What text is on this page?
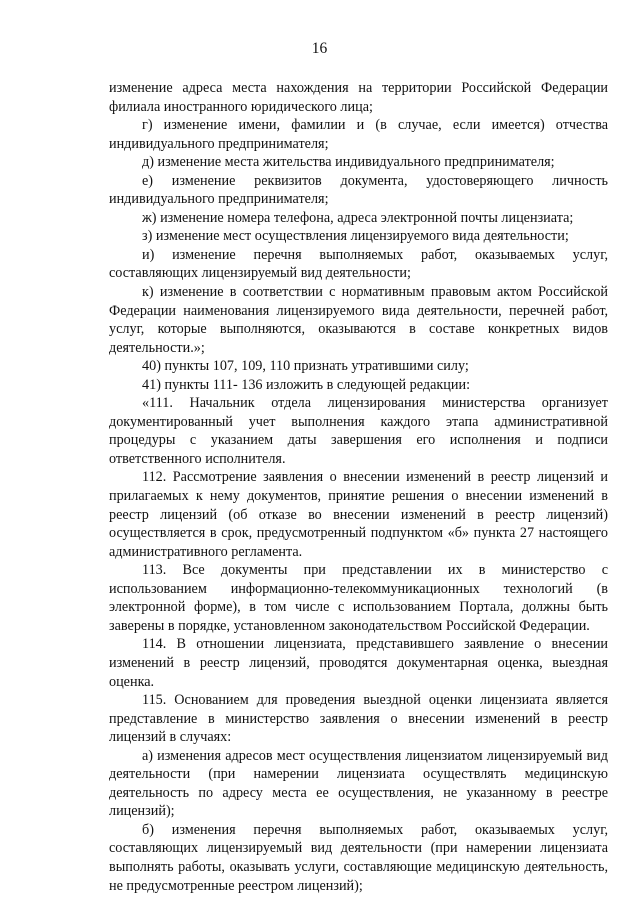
16

изменение адреса места нахождения на территории Российской Федерации филиала иностранного юридического лица;

г) изменение имени, фамилии и (в случае, если имеется) отчества индивидуального предпринимателя;

д) изменение места жительства индивидуального предпринимателя;

е) изменение реквизитов документа, удостоверяющего личность индивидуального предпринимателя;

ж) изменение номера телефона, адреса электронной почты лицензиата;

з) изменение мест осуществления лицензируемого вида деятельности;

и) изменение перечня выполняемых работ, оказываемых услуг, составляющих лицензируемый вид деятельности;

к) изменение в соответствии с нормативным правовым актом Российской Федерации наименования лицензируемого вида деятельности, перечней работ, услуг, которые выполняются, оказываются в составе конкретных видов деятельности.»;

40) пункты 107, 109, 110 признать утратившими силу;

41) пункты 111- 136 изложить в следующей редакции:

«111. Начальник отдела лицензирования министерства организует документированный учет выполнения каждого этапа административной процедуры с указанием даты завершения его исполнения и подписи ответственного исполнителя.

112. Рассмотрение заявления о внесении изменений в реестр лицензий и прилагаемых к нему документов, принятие решения о внесении изменений в реестр лицензий (об отказе во внесении изменений в реестр лицензий) осуществляется в срок, предусмотренный подпунктом «б» пункта 27 настоящего административного регламента.

113. Все документы при представлении их в министерство с использованием информационно-телекоммуникационных технологий (в электронной форме), в том числе с использованием Портала, должны быть заверены в порядке, установленном законодательством Российской Федерации.

114. В отношении лицензиата, представившего заявление о внесении изменений в реестр лицензий, проводятся документарная оценка, выездная оценка.

115. Основанием для проведения выездной оценки лицензиата является представление в министерство заявления о внесении изменений в реестр лицензий в случаях:

а) изменения адресов мест осуществления лицензиатом лицензируемый вид деятельности (при намерении лицензиата осуществлять медицинскую деятельность по адресу места ее осуществления, не указанному в реестре лицензий);

б) изменения перечня выполняемых работ, оказываемых услуг, составляющих лицензируемый вид деятельности (при намерении лицензиата выполнять работы, оказывать услуги, составляющие медицинскую деятельность, не предусмотренные реестром лицензий);
